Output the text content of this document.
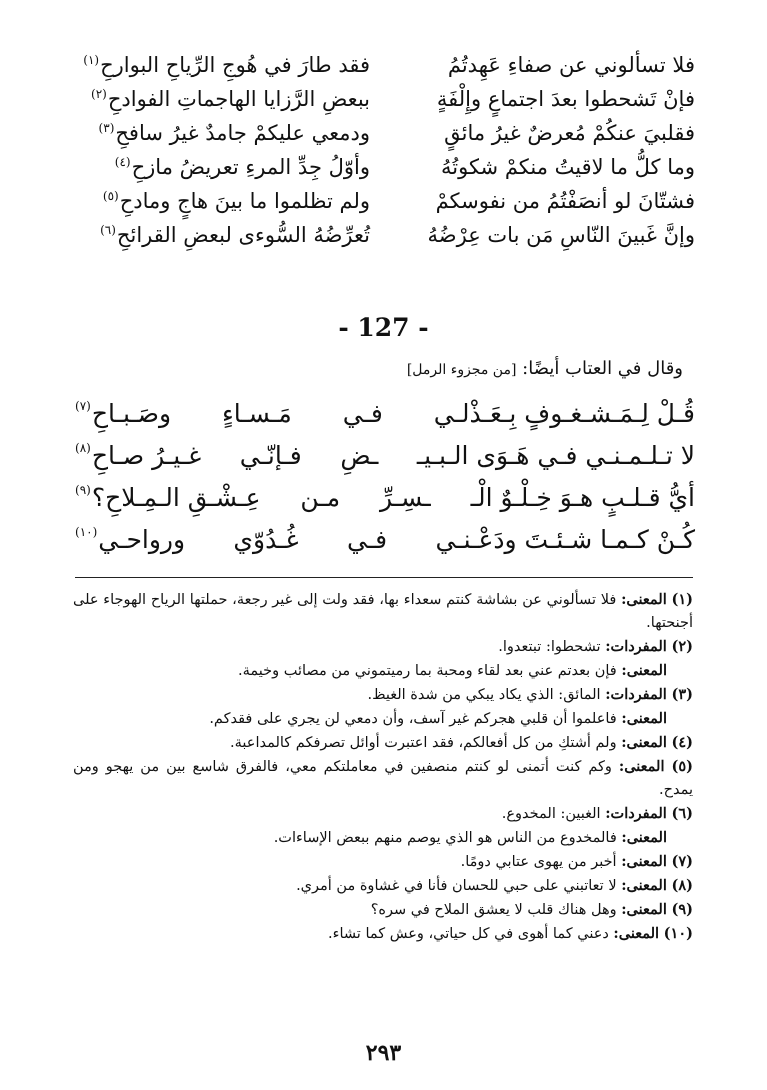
فلا تسألوني عن صفاءِ عَهِدتُمُ
فقد طارَ في هُوجِ الرِّياحِ البوارحِ$^{(١)}$
فإنْ تَشحطوا بعدَ اجتماعٍ وإِلْفَةٍ
ببعضِ الرَّزايا الهاجماتِ الفوادحِ$^{(٢)}$
فقلبيَ عنكُمْ مُعرضٌ غيرُ مائقٍ
ودمعي عليكمْ جامدٌ غيرُ سافحِ$^{(٣)}$
وما كلُّ ما لاقيتُ منكمْ شكوتُهُ
وأوّلُ جِدِّ المرءِ تعريضُ مازحِ$^{(٤)}$
فشتّانَ لو أنصَفْتُمُ من نفوسكمْ
ولم تظلموا ما بينَ هاجٍ ومادحِ$^{(٥)}$
وإنَّ غَبينَ النّاسِ مَن بات عِرْضُهُ
تُعرِّضُهُ السُّوءى لبعضِ القرائحِ$^{(٦)}$
- 127 -
وقال في العتاب أيضًا: [من مجزوء الرمل]
قُـلْ لِـمَـشـغـوفٍ بِـعَـذْلـي
فـي
مَـسـاءٍ
وصَـبـاحِ$^{(٧)}$
لا تـلـمـنـي فـي هَـوَى الـبـيـ
ـضِ
فـإنّـي
غـيـرُ صـاحِ$^{(٨)}$
أيُّ قـلـبٍ هـوَ خِـلْـوٌ الْـ
ـسِـرِّ
مـن
عِـشْـقِ الـمِـلاحِ؟$^{(٩)}$
كُـنْ كـمـا شـئـتَ ودَعْـنـي
فـي
غُـدُوّي
ورواحـي$^{(١٠)}$
(١) المعنى: فلا تسألوني عن بشاشة كنتم سعداء بها، فقد ولت إلى غير رجعة، حملتها الرياح الهوجاء على أجنحتها.
(٢) المفردات: تشحطوا: تبتعدوا.
المعنى: فإن بعدتم عني بعد لقاء ومحبة بما رميتموني من مصائب وخيمة.
(٣) المفردات: المائق: الذي يكاد يبكي من شدة الغيظ.
المعنى: فاعلموا أن قلبي هجركم غير آسف، وأن دمعي لن يجري على فقدكم.
(٤) المعنى: ولم أشتكِ من كل أفعالكم، فقد اعتبرت أوائل تصرفكم كالمداعبة.
(٥) المعنى: وكم كنت أتمنى لو كنتم منصفين في معاملتكم معي، فالفرق شاسع بين من يهجو ومن يمدح.
(٦) المفردات: الغبين: المخدوع.
المعنى: فالمخدوع من الناس هو الذي يوصم منهم ببعض الإساءات.
(٧) المعنى: أخبر من يهوى عتابي دومًا.
(٨) المعنى: لا تعاتبني على حبي للحسان فأنا في غشاوة من أمري.
(٩) المعنى: وهل هناك قلب لا يعشق الملاح في سره؟
(١٠) المعنى: دعني كما أهوى في كل حياتي، وعش كما تشاء.
٢٩٣
